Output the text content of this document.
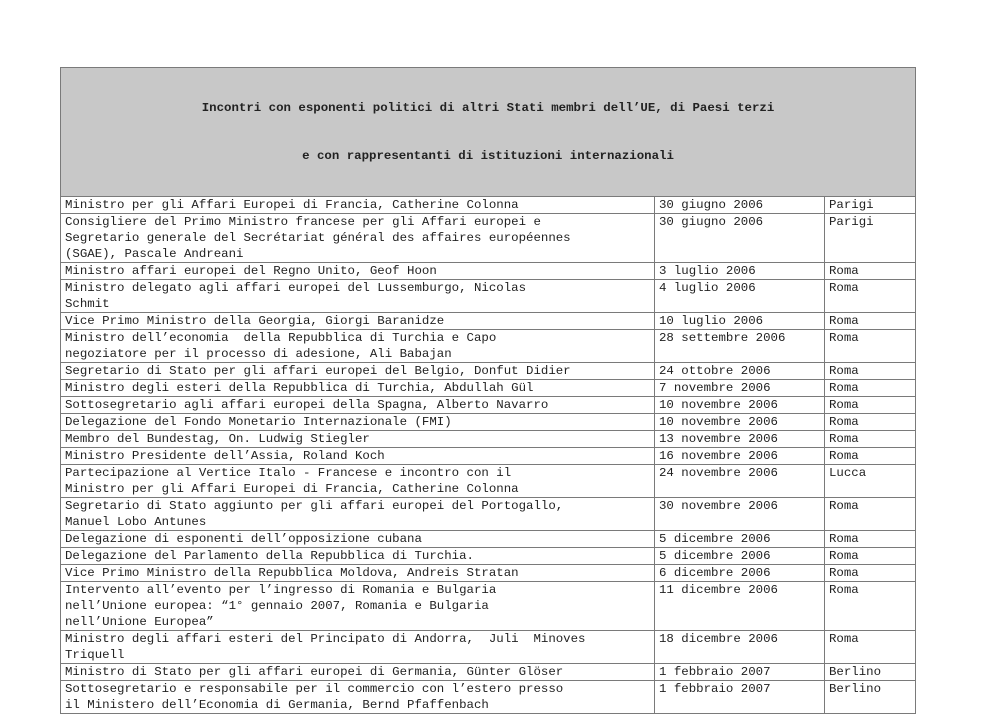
Incontri con esponenti politici di altri Stati membri dell’UE, di Paesi terzi

e con rappresentanti di istituzioni internazionali		

Ministro per gli Affari Europei di Francia, Catherine Colonna	30 giugno 2006	Parigi
Consigliere del Primo Ministro francese per gli Affari europei e
Segretario generale del Secrétariat général des affaires européennes
(SGAE), Pascale Andreani	30 giugno 2006	Parigi
Ministro affari europei del Regno Unito, Geof Hoon	3 luglio 2006	Roma
Ministro delegato agli affari europei del Lussemburgo, Nicolas
Schmit	4 luglio 2006	Roma
Vice Primo Ministro della Georgia, Giorgi Baranidze	10 luglio 2006	Roma
Ministro dell’economia  della Repubblica di Turchia e Capo
negoziatore per il processo di adesione, Ali Babajan	28 settembre 2006	Roma
Segretario di Stato per gli affari europei del Belgio, Donfut Didier	24 ottobre 2006	Roma
Ministro degli esteri della Repubblica di Turchia, Abdullah Gül	7 novembre 2006	Roma
Sottosegretario agli affari europei della Spagna, Alberto Navarro	10 novembre 2006	Roma
Delegazione del Fondo Monetario Internazionale (FMI)	10 novembre 2006	Roma
Membro del Bundestag, On. Ludwig Stiegler	13 novembre 2006	Roma
Ministro Presidente dell’Assia, Roland Koch	16 novembre 2006	Roma
Partecipazione al Vertice Italo - Francese e incontro con il
Ministro per gli Affari Europei di Francia, Catherine Colonna	24 novembre 2006	Lucca
Segretario di Stato aggiunto per gli affari europei del Portogallo,
Manuel Lobo Antunes	30 novembre 2006	Roma
Delegazione di esponenti dell’opposizione cubana	5 dicembre 2006	Roma
Delegazione del Parlamento della Repubblica di Turchia.	5 dicembre 2006	Roma
Vice Primo Ministro della Repubblica Moldova, Andreis Stratan	6 dicembre 2006	Roma
Intervento all’evento per l’ingresso di Romania e Bulgaria
nell’Unione europea: “1° gennaio 2007, Romania e Bulgaria
nell’Unione Europea”	11 dicembre 2006	Roma
Ministro degli affari esteri del Principato di Andorra,  Juli  Minoves
Triquell	18 dicembre 2006	Roma
Ministro di Stato per gli affari europei di Germania, Günter Glöser	1 febbraio 2007	Berlino
Sottosegretario e responsabile per il commercio con l’estero presso
il Ministero dell’Economia di Germania, Bernd Pfaffenbach	1 febbraio 2007	Berlino
